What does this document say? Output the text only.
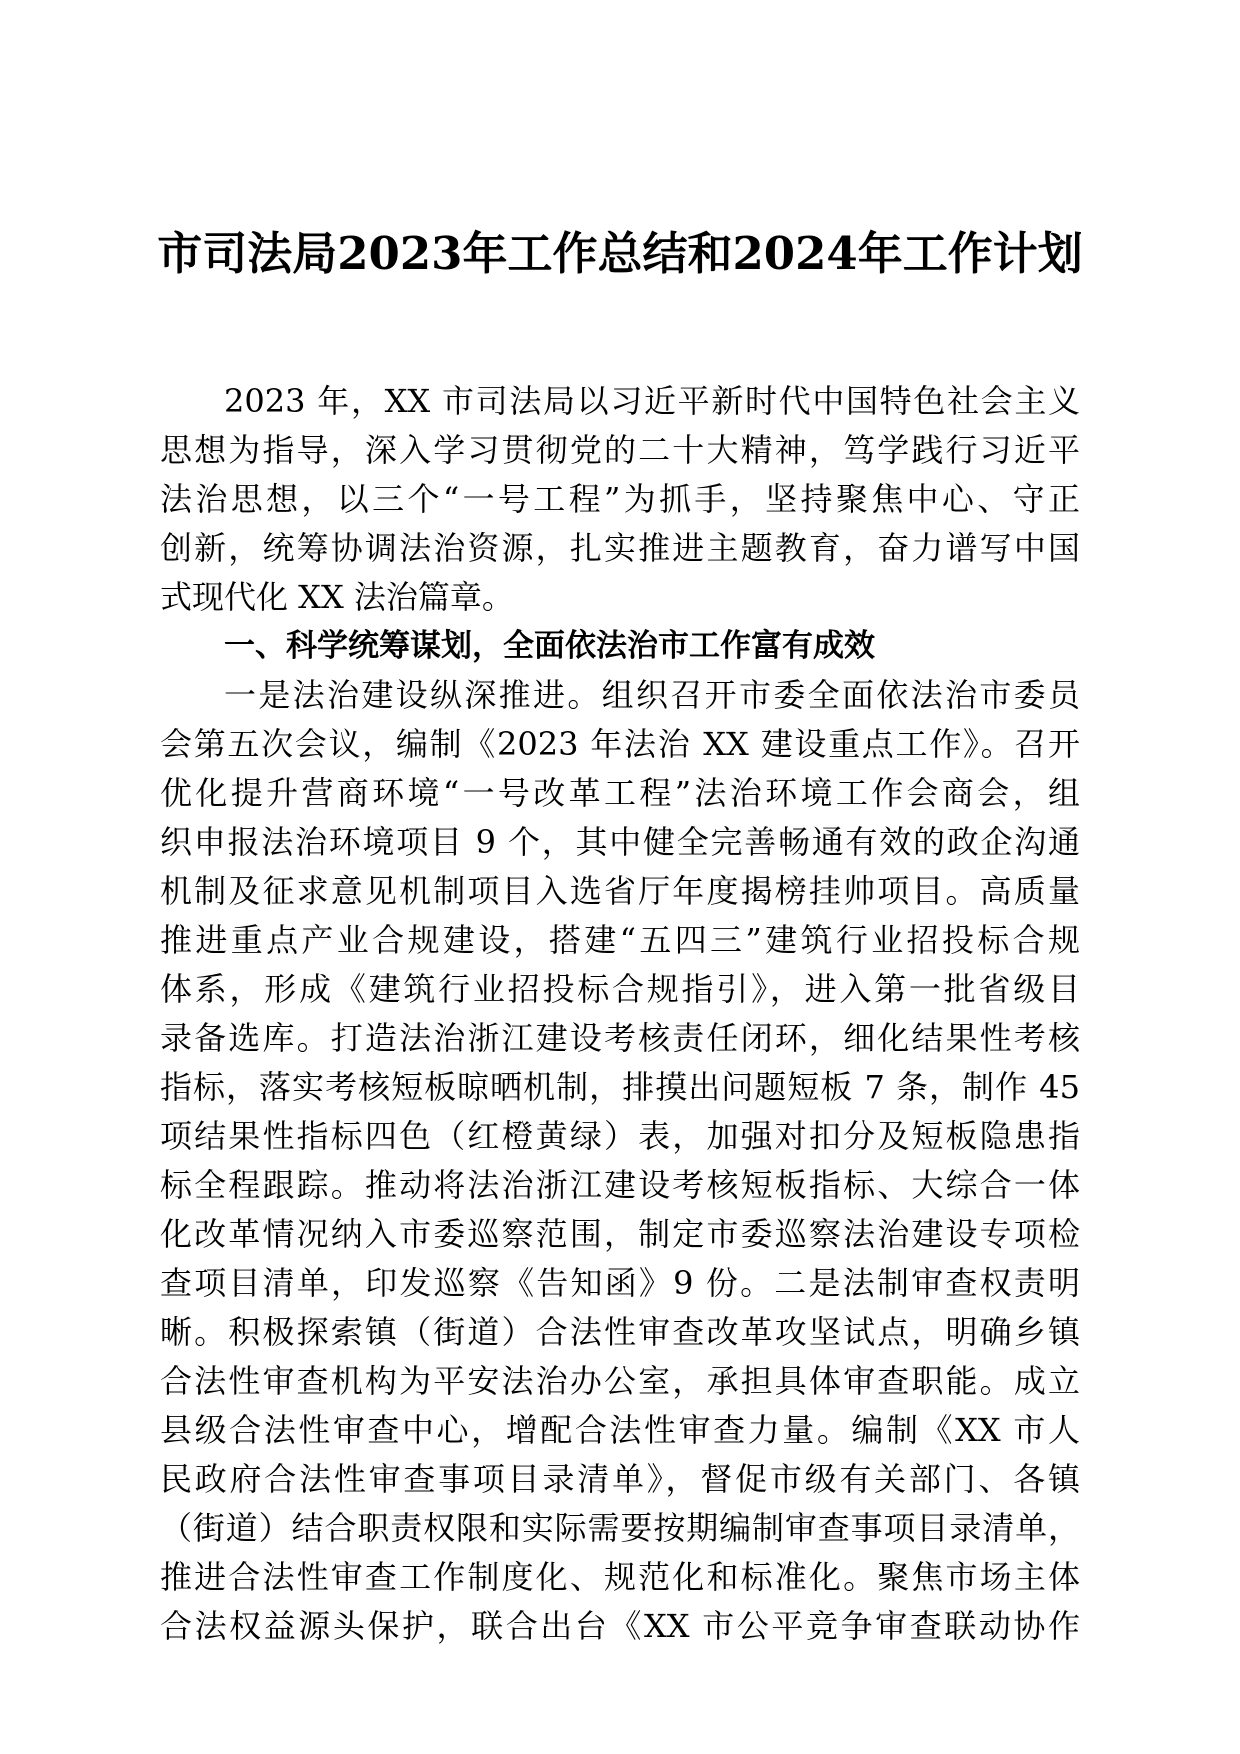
市司法局2023年工作总结和2024年工作计划
2023 年，XX 市司法局以习近平新时代中国特色社会主义
思想为指导，深入学习贯彻党的二十大精神，笃学践行习近平
法治思想，以三个“一号工程”为抓手，坚持聚焦中心、守正
创新，统筹协调法治资源，扎实推进主题教育，奋力谱写中国
式现代化 XX 法治篇章。
一、科学统筹谋划，全面依法治市工作富有成效
一是法治建设纵深推进。组织召开市委全面依法治市委员
会第五次会议，编制《2023 年法治 XX 建设重点工作》。召开
优化提升营商环境“一号改革工程”法治环境工作会商会，组
织申报法治环境项目 9 个，其中健全完善畅通有效的政企沟通
机制及征求意见机制项目入选省厅年度揭榜挂帅项目。高质量
推进重点产业合规建设，搭建“五四三”建筑行业招投标合规
体系，形成《建筑行业招投标合规指引》，进入第一批省级目
录备选库。打造法治浙江建设考核责任闭环，细化结果性考核
指标，落实考核短板晾晒机制，排摸出问题短板 7 条，制作 45
项结果性指标四色（红橙黄绿）表，加强对扣分及短板隐患指
标全程跟踪。推动将法治浙江建设考核短板指标、大综合一体
化改革情况纳入市委巡察范围，制定市委巡察法治建设专项检
查项目清单，印发巡察《告知函》9 份。二是法制审查权责明
晰。积极探索镇（街道）合法性审查改革攻坚试点，明确乡镇
合法性审查机构为平安法治办公室，承担具体审查职能。成立
县级合法性审查中心，增配合法性审查力量。编制《XX 市人
民政府合法性审查事项目录清单》，督促市级有关部门、各镇
（街道）结合职责权限和实际需要按期编制审查事项目录清单，
推进合法性审查工作制度化、规范化和标准化。聚焦市场主体
合法权益源头保护，联合出台《XX 市公平竞争审查联动协作
